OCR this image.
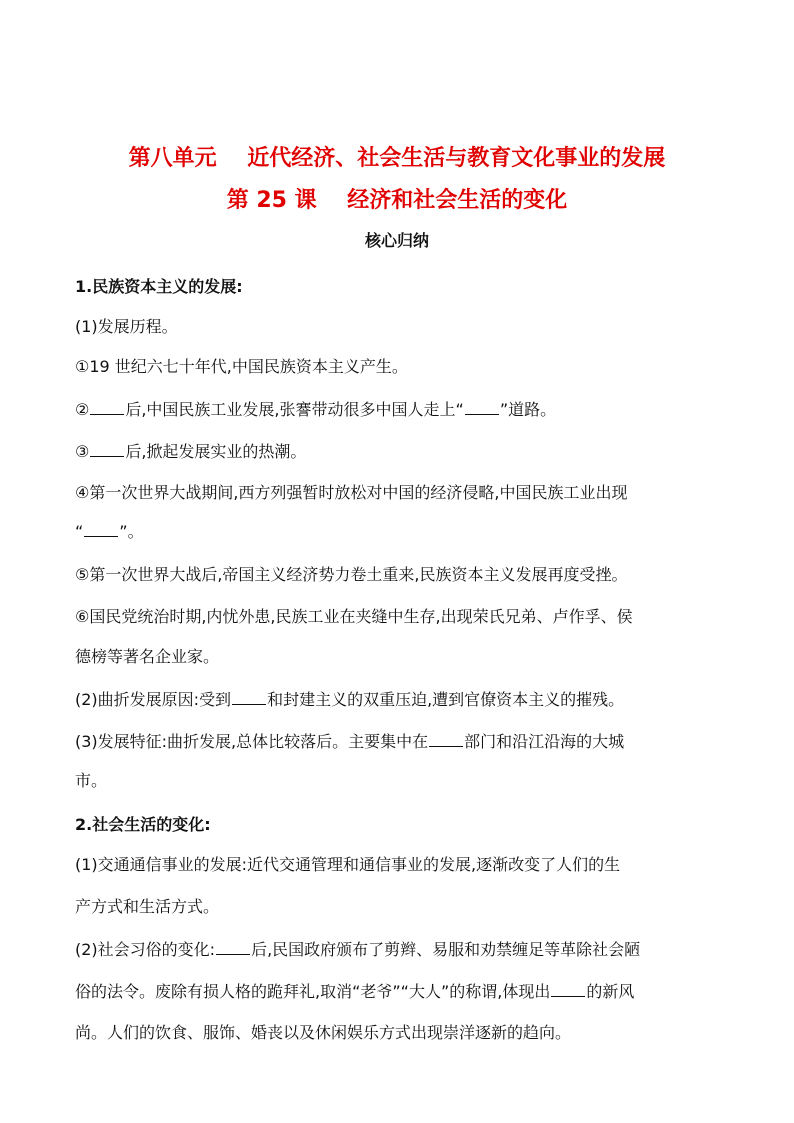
第八单元    近代经济、社会生活与教育文化事业的发展
第 25 课    经济和社会生活的变化
核心归纳
1.民族资本主义的发展:
(1)发展历程。
①19 世纪六七十年代,中国民族资本主义产生。
② 后,中国民族工业发展,张謇带动很多中国人走上“ ”道路。
③ 后,掀起发展实业的热潮。
④第一次世界大战期间,西方列强暂时放松对中国的经济侵略,中国民族工业出现
“ ”。
⑤第一次世界大战后,帝国主义经济势力卷土重来,民族资本主义发展再度受挫。
⑥国民党统治时期,内忧外患,民族工业在夹缝中生存,出现荣氏兄弟、卢作孚、侯
德榜等著名企业家。
(2)曲折发展原因:受到 和封建主义的双重压迫,遭到官僚资本主义的摧残。
(3)发展特征:曲折发展,总体比较落后。主要集中在 部门和沿江沿海的大城
市。
2.社会生活的变化:
(1)交通通信事业的发展:近代交通管理和通信事业的发展,逐渐改变了人们的生
产方式和生活方式。
(2)社会习俗的变化: 后,民国政府颁布了剪辫、易服和劝禁缠足等革除社会陋
俗的法令。废除有损人格的跪拜礼,取消“老爷”“大人”的称谓,体现出 的新风
尚。人们的饮食、服饰、婚丧以及休闲娱乐方式出现崇洋逐新的趋向。
